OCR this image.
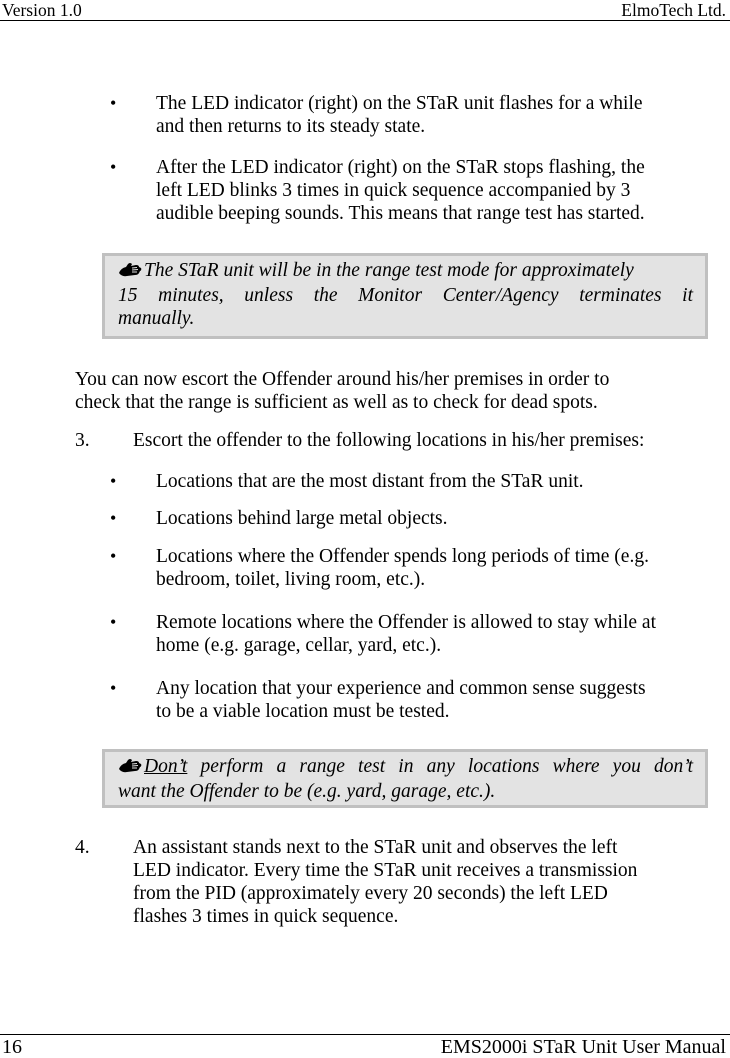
Version 1.0	ElmoTech Ltd.
• The LED indicator (right) on the STaR unit flashes for a while
and then returns to its steady state.
• After the LED indicator (right) on the STaR stops flashing, the
left LED blinks 3 times in quick sequence accompanied by 3
audible beeping sounds. This means that range test has started.
The STaR unit will be in the range test mode for approximately
15 minutes, unless the Monitor Center/Agency terminates it
manually.
You can now escort the Offender around his/her premises in order to
check that the range is sufficient as well as to check for dead spots.
3. Escort the offender to the following locations in his/her premises:
• Locations that are the most distant from the STaR unit.
• Locations behind large metal objects.
• Locations where the Offender spends long periods of time (e.g.
bedroom, toilet, living room, etc.).
• Remote locations where the Offender is allowed to stay while at
home (e.g. garage, cellar, yard, etc.).
• Any location that your experience and common sense suggests
to be a viable location must be tested.
Don’t perform a range test in any locations where you don’t
want the Offender to be (e.g. yard, garage, etc.).
4. An assistant stands next to the STaR unit and observes the left
LED indicator. Every time the STaR unit receives a transmission
from the PID (approximately every 20 seconds) the left LED
flashes 3 times in quick sequence.
16	EMS2000i STaR Unit User Manual
